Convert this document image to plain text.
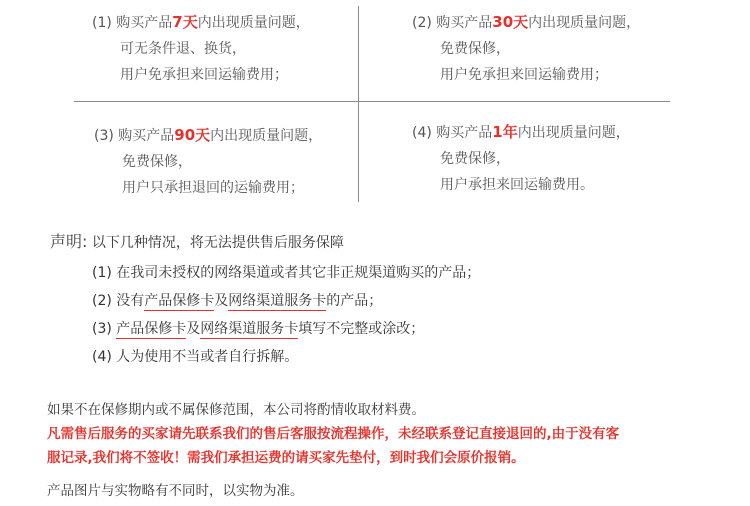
(1) 购买产品7天内出现质量问题，
可无条件退、换货，
用户免承担来回运输费用；
(2) 购买产品30天内出现质量问题，
免费保修，
用户免承担来回运输费用；
(3) 购买产品90天内出现质量问题，
免费保修，
用户只承担退回的运输费用；
(4) 购买产品1年内出现质量问题，
免费保修，
用户承担来回运输费用。
声明: 以下几种情况，将无法提供售后服务保障
(1) 在我司未授权的网络渠道或者其它非正规渠道购买的产品；
(2) 没有产品保修卡及网络渠道服务卡的产品；
(3) 产品保修卡及网络渠道服务卡填写不完整或涂改；
(4) 人为使用不当或者自行拆解。
如果不在保修期内或不属保修范围，本公司将酌情收取材料费。
凡需售后服务的买家请先联系我们的售后客服按流程操作，未经联系登记直接退回的,由于没有客
服记录,我们将不签收！需我们承担运费的请买家先垫付，到时我们会原价报销。
产品图片与实物略有不同时，以实物为准。
